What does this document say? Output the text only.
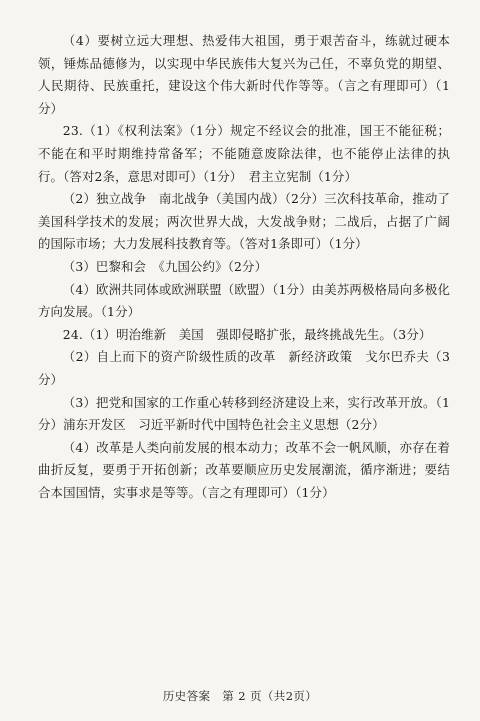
（4）要树立远大理想、热爱伟大祖国，勇于艰苦奋斗，练就过硬本领，锤炼品德修为，以实现中华民族伟大复兴为己任，不辜负党的期望、人民期待、民族重托，建设这个伟大新时代作等等。（言之有理即可）（1分）

23.（1）《权利法案》（1分）规定不经议会的批准，国王不能征税；不能在和平时期维持常备军；不能随意废除法律，也不能停止法律的执行。（答对2条，意思对即可）（1分）　君主立宪制（1分）

（2）独立战争　南北战争（美国内战）（2分）三次科技革命，推动了美国科学技术的发展；两次世界大战，大发战争财；二战后，占据了广阔的国际市场；大力发展科技教育等。（答对1条即可）（1分）

（3）巴黎和会　《九国公约》（2分）

（4）欧洲共同体或欧洲联盟（欧盟）（1分）由美苏两极格局向多极化方向发展。（1分）

24.（1）明治维新　美国　强即侵略扩张，最终挑战先生。（3分）

（2）自上而下的资产阶级性质的改革　新经济政策　戈尔巴乔夫（3分）

（3）把党和国家的工作重心转移到经济建设上来，实行改革开放。（1分）浦东开发区　习近平新时代中国特色社会主义思想（2分）

（4）改革是人类向前发展的根本动力；改革不会一帆风顺，亦存在着曲折反复，要勇于开拓创新；改革要顺应历史发展潮流，循序渐进；要结合本国国情，实事求是等等。（言之有理即可）（1分）

历史答案　第 2 页（共2页）
